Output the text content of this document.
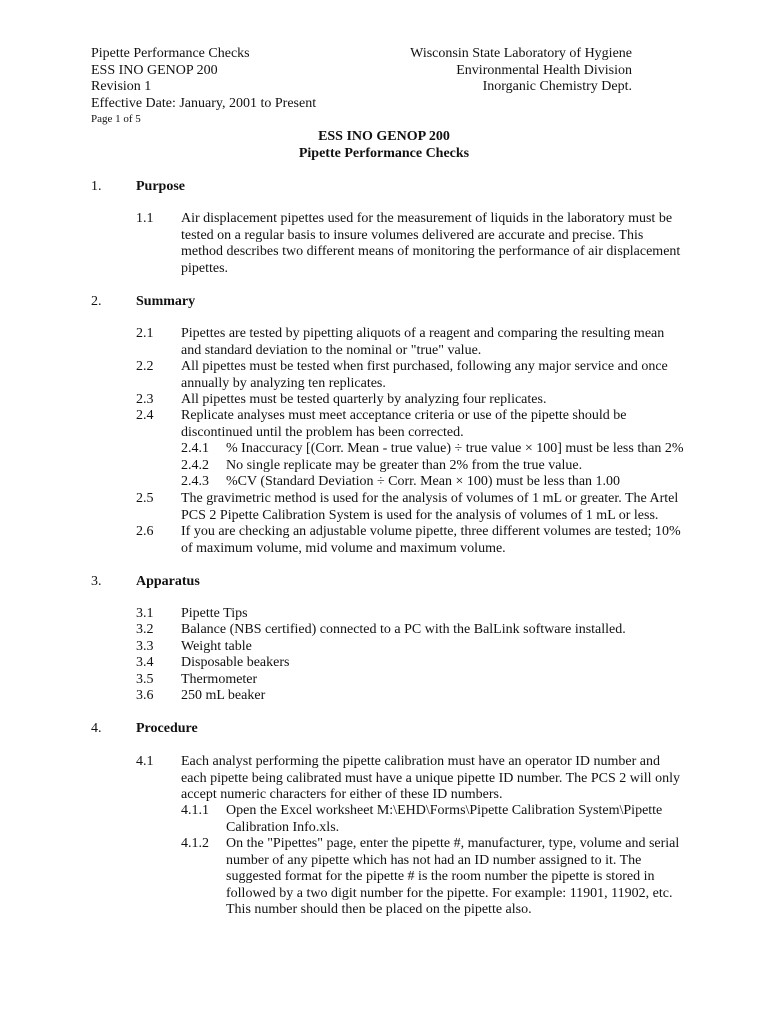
Pipette Performance Checks
ESS INO GENOP 200
Revision 1
Effective Date: January, 2001 to Present
Page 1 of 5
Wisconsin State Laboratory of Hygiene
Environmental Health Division
Inorganic Chemistry Dept.
ESS INO GENOP 200
Pipette Performance Checks
1. Purpose
1.1 Air displacement pipettes used for the measurement of liquids in the laboratory must be
tested on a regular basis to insure volumes delivered are accurate and precise. This
method describes two different means of monitoring the performance of air displacement
pipettes.
2. Summary
2.1 Pipettes are tested by pipetting aliquots of a reagent and comparing the resulting mean
and standard deviation to the nominal or "true" value.
2.2 All pipettes must be tested when first purchased, following any major service and once
annually by analyzing ten replicates.
2.3 All pipettes must be tested quarterly by analyzing four replicates.
2.4 Replicate analyses must meet acceptance criteria or use of the pipette should be
discontinued until the problem has been corrected.
2.4.1 % Inaccuracy [(Corr. Mean - true value) ÷ true value × 100] must be less than 2%
2.4.2 No single replicate may be greater than 2% from the true value.
2.4.3 %CV (Standard Deviation ÷ Corr. Mean × 100) must be less than 1.00
2.5 The gravimetric method is used for the analysis of volumes of 1 mL or greater. The Artel
PCS 2 Pipette Calibration System is used for the analysis of volumes of 1 mL or less.
2.6 If you are checking an adjustable volume pipette, three different volumes are tested; 10%
of maximum volume, mid volume and maximum volume.
3. Apparatus
3.1 Pipette Tips
3.2 Balance (NBS certified) connected to a PC with the BalLink software installed.
3.3 Weight table
3.4 Disposable beakers
3.5 Thermometer
3.6 250 mL beaker
4. Procedure
4.1 Each analyst performing the pipette calibration must have an operator ID number and
each pipette being calibrated must have a unique pipette ID number. The PCS 2 will only
accept numeric characters for either of these ID numbers.
4.1.1 Open the Excel worksheet M:\EHD\Forms\Pipette Calibration System\Pipette
Calibration Info.xls.
4.1.2 On the "Pipettes" page, enter the pipette #, manufacturer, type, volume and serial
number of any pipette which has not had an ID number assigned to it. The
suggested format for the pipette # is the room number the pipette is stored in
followed by a two digit number for the pipette. For example: 11901, 11902, etc.
This number should then be placed on the pipette also.
